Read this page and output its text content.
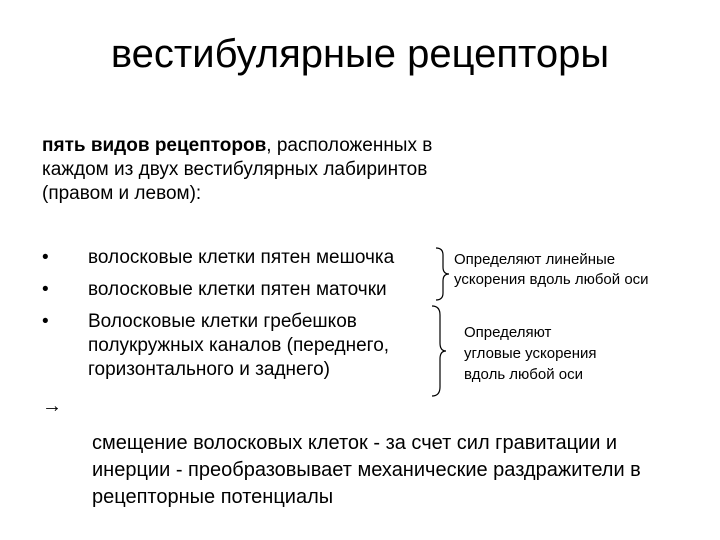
вестибулярные рецепторы
пять видов рецепторов, расположенных в каждом из двух вестибулярных лабиринтов (правом и левом):
• волосковые клетки пятен мешочка
• волосковые клетки пятен маточки
• Волосковые клетки гребешков
полукружных каналов (переднего,
горизонтального и заднего)
Определяют линейные
ускорения вдоль любой оси
Определяют
угловые ускорения
вдоль любой оси
→
смещение волосковых клеток - за счет сил гравитации и инерции - преобразовывает механические раздражители в рецепторные потенциалы
